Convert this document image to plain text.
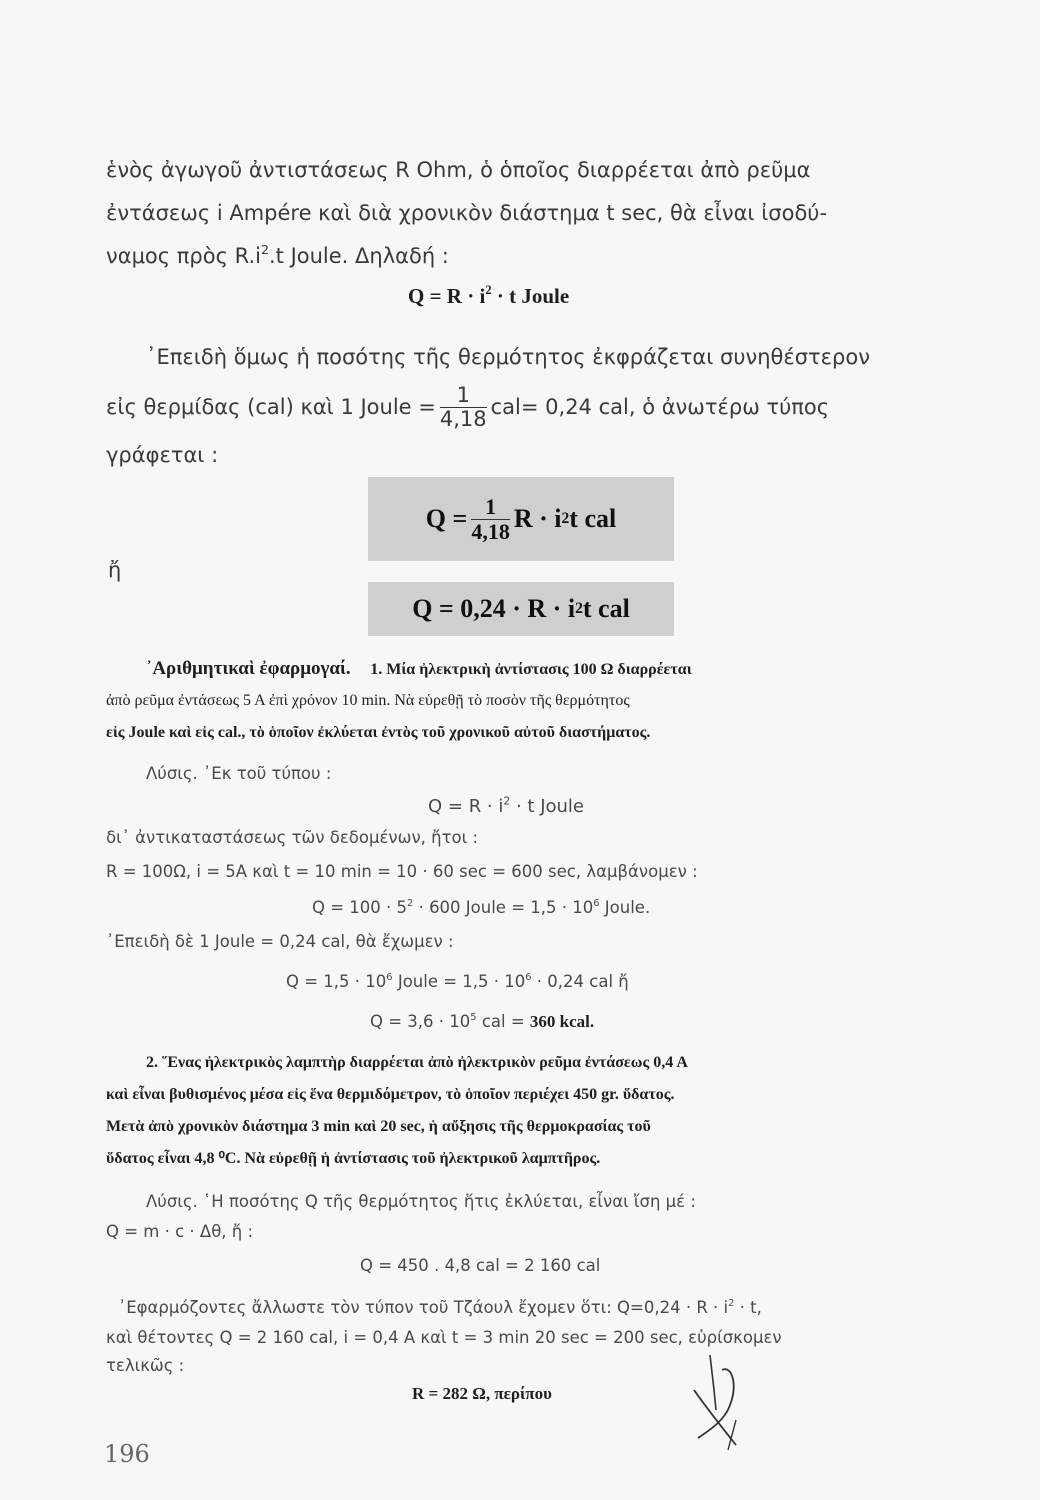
ἑνὸς ἀγωγοῦ ἀντιστάσεως R Ohm, ὁ ὁποῖος διαρρέεται ἀπὸ ρεῦμα
ἐντάσεως i Ampére καὶ διὰ χρονικὸν διάστημα t sec, θὰ εἶναι ἰσοδύ-
ναμος πρὸς $R.i^2.t$ Joule. Δηλαδή :
$Q = R \cdot i^2 \cdot t$ Joule
᾿Επειδὴ ὅμως ἡ ποσότης τῆς θερμότητος ἐκφράζεται συνηθέστερον
εἰς θερμίδας (cal) καὶ 1 Joule = $\frac{1}{4,18} cal= 0,24$ cal, ὁ ἀνωτέρω τύπος
γράφεται :
$Q = \frac{1}{4,18}$ R · i 2 t cal
ἤ
Q = 0,24 · R · i 2 t cal
᾿Αριθμητικαὶ ἐφαρμογαί. 1. Μία ἠλεκτρικὴ ἀντίστασις 100 Ω διαρρέεται
ἀπὸ ρεῦμα ἐντάσεως 5 Α ἐπὶ χρόνον 10 min. Νὰ εὑρεθῇ τὸ ποσὸν τῆς θερμότητος
εἰς Joule καὶ εἰς cal., τὸ ὁποῖον ἐκλύεται ἐντὸς τοῦ χρονικοῦ αὐτοῦ διαστήματος.
Λύσις. ᾿Εκ τοῦ τύπου :
$Q = R \cdot i^2 \cdot t$ Joule
δι᾿ ἀντικαταστάσεως τῶν δεδομένων, ἤτοι :
R = 100Ω, i = 5A καὶ t = 10 min = 10 · 60 sec = 600 sec, λαμβάνομεν :
$Q = 100 \cdot 5^2 \cdot 600$ Joule = $1,5 \cdot 10^6$ Joule.
᾿Επειδὴ δὲ 1 Joule = 0,24 cal, θὰ ἔχωμεν :
$Q = 1,5 \cdot 10^6$ Joule = $1,5 \cdot 10^6 \cdot 0,24$ cal ἤ
$Q = 3,6 \cdot 10^5$ cal = 360 kcal.
2. ῞Ενας ἠλεκτρικὸς λαμπτὴρ διαρρέεται ἀπὸ ἠλεκτρικὸν ρεῦμα ἐντάσεως 0,4 Α
καὶ εἶναι βυθισμένος μέσα εἰς ἕνα θερμιδόμετρον, τὸ ὁποῖον περιέχει 450 gr. ὕδατος.
Μετὰ ἀπὸ χρονικὸν διάστημα 3 min καὶ 20 sec, ἡ αὔξησις τῆς θερμοκρασίας τοῦ
ὕδατος εἶναι 4,8 ⁰C. Νὰ εὑρεθῇ ἡ ἀντίστασις τοῦ ἠλεκτρικοῦ λαμπτῆρος.
Λύσις. ῾Η ποσότης Q τῆς θερμότητος ἥτις ἐκλύεται, εἶναι ἴση μέ :
Q = m · c · Δθ, ἤ :
Q = 450 . 4,8 cal = 2 160 cal
᾿Εφαρμόζοντες ἄλλωστε τὸν τύπον τοῦ Τζάουλ ἔχομεν ὅτι: $Q=0,24 \cdot R \cdot i^2 \cdot t$,
καὶ θέτοντες Q = 2 160 cal, i = 0,4 Α καὶ t = 3 min 20 sec = 200 sec, εὑρίσκομεν
τελικῶς :
R = 282 Ω, περίπου
196
